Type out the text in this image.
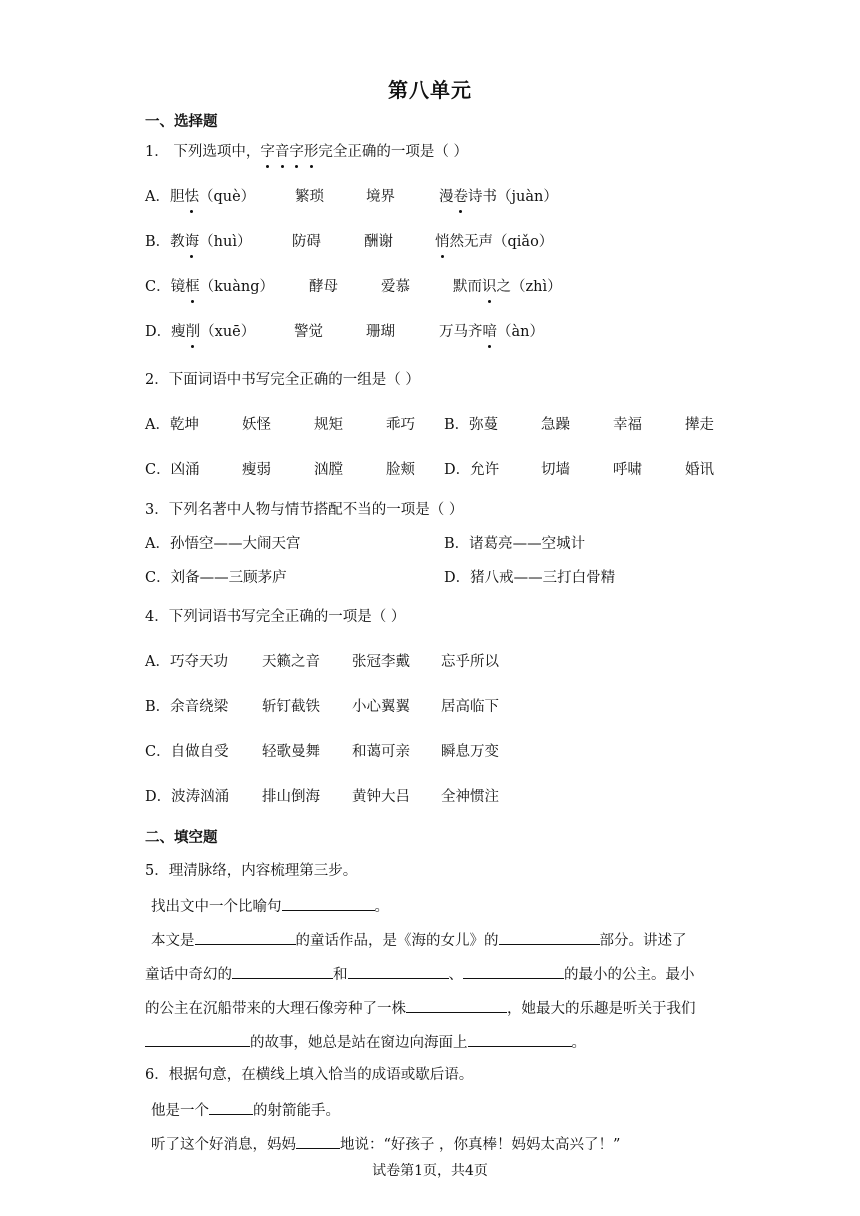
第八单元
一、选择题
1． 下列选项中，字音字形完全正确的一项是（ ）
A．胆怯（què）	繁琐	境界	漫卷诗书（juàn）
B．教诲（huì）	防碍	酬谢	悄然无声（qiǎo）
C．镜框（kuàng） 酵母	爱慕	默而识之（zhì）
D．瘦削（xuē）	警觉	珊瑚	万马齐喑（àn）
2．下面词语中书写完全正确的一组是（ ）
A．乾坤	妖怪	规矩	乖巧 B．弥蔓	急躁	幸福	撵走
C．凶涌	瘦弱	汹膛	脸颊 D．允许	切墙	呼啸	婚讯
3．下列名著中人物与情节搭配不当的一项是（ ）
A．孙悟空——大闹天宫	B．诸葛亮——空城计
C．刘备——三顾茅庐	D．猪八戒——三打白骨精
4．下列词语书写完全正确的一项是（ ）
A．巧夺天功 天籁之音 张冠李戴 忘乎所以
B．余音绕梁 斩钉截铁 小心翼翼 居高临下
C．自做自受 轻歌曼舞 和蔼可亲 瞬息万变
D．波涛汹涌 排山倒海 黄钟大吕 全神惯注
二、填空题
5．理清脉络，内容梳理第三步。
找出文中一个比喻句	。
本文是	的童话作品，是《海的女儿》的	部分。讲述了
童话中奇幻的	和	、	的最小的公主。最小
的公主在沉船带来的大理石像旁种了一株	，她最大的乐趣是听关于我们
的故事，她总是站在窗边向海面上	。
6．根据句意，在横线上填入恰当的成语或歇后语。
他是一个	的射箭能手。
听了这个好消息，妈妈	地说：“好孩子 ，你真棒！妈妈太高兴了！”
试卷第1页，共4页
